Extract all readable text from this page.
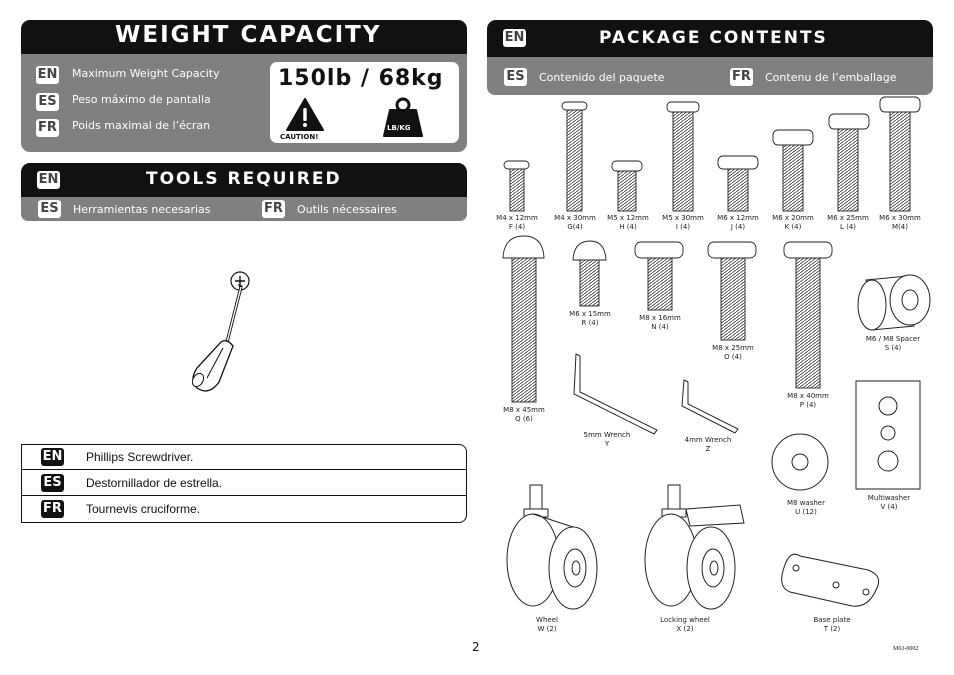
WEIGHT CAPACITY
EN Maximum Weight Capacity
ES Peso máximo de pantalla
FR Poids maximal de l’écran
150lb / 68kg
CAUTION!
LB/KG
EN	TOOLS REQUIRED
ES Herramientas necesarias	FR Outils nécessaires
EN Phillips Screwdriver.
ES Destornillador de estrella.
FR Tournevis cruciforme.
EN	PACKAGE CONTENTS
ES Contenido del paquete	FR Contenu de l’emballage
M4 x 12mm
F (4)
M4 x 30mm
G(4)
M5 x 12mm
H (4)
M5 x 30mm
I (4)
M6 x 12mm
J (4)
M6 x 20mm
K (4)
M6 x 25mm
L (4)
M6 x 30mm
M(4)
M8 x 45mm
Q (6)
M6 x 15mm
R (4)
M8 x 16mm
N (4)
M8 x 25mm
O (4)
M8 x 40mm
P (4)
M6 / M8 Spacer
S (4)
5mm Wrench
Y	4mm Wrench
Z
M8 washer
U (12)
Multiwasher
V (4)
Wheel
W (2)
Locking wheel
X (2)
Base plate
T (2)
2	M63-0002
